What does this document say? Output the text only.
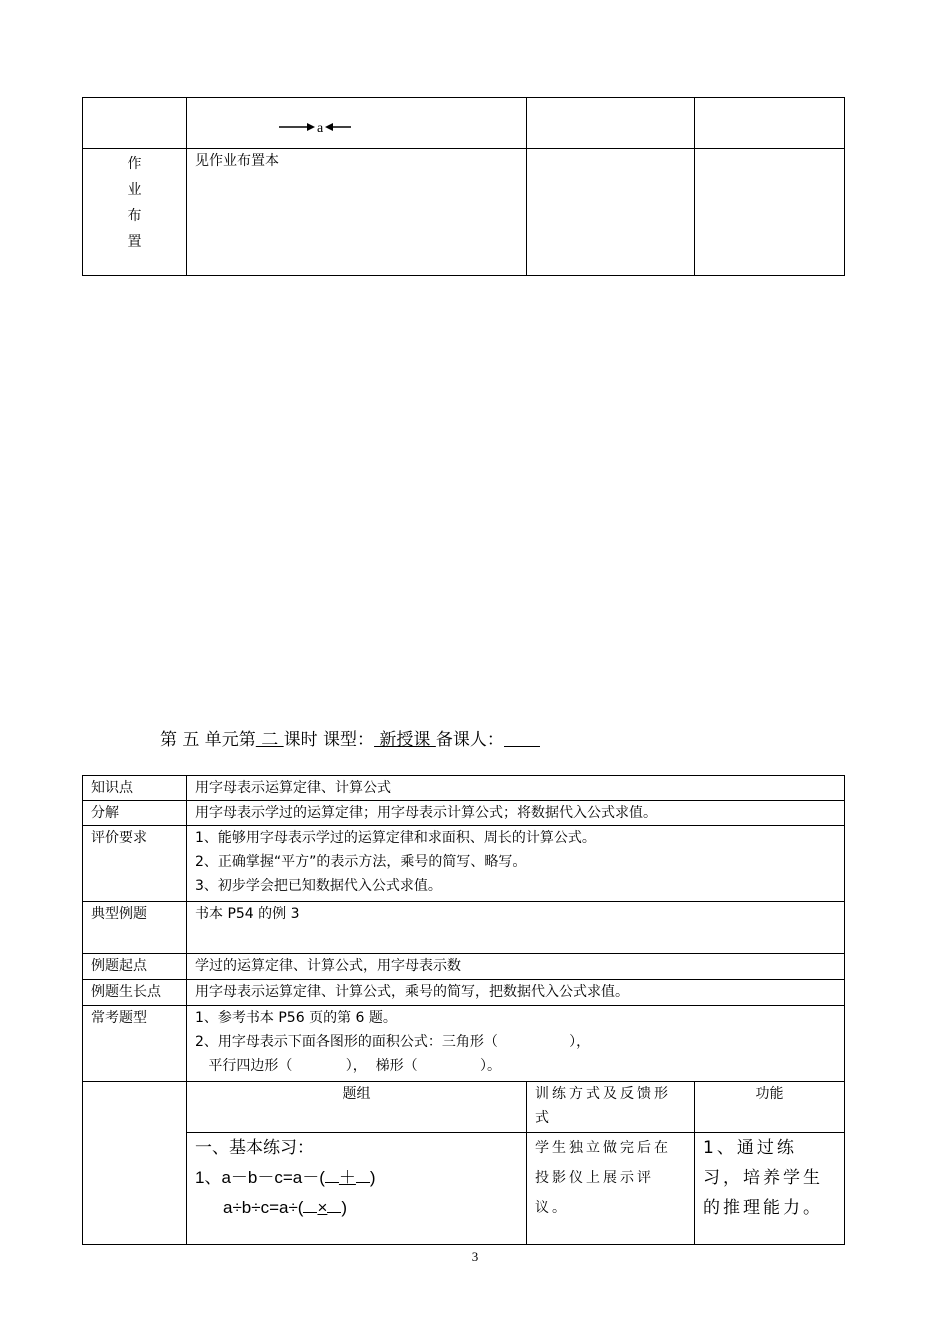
	a		

作
业
布
置	见作业布置本		
第 五 单元第 二 课时 课型： 新授课 备课人：
知识点	用字母表示运算定律、计算公式		
分解	用字母表示学过的运算定律；用字母表示计算公式；将数据代入公式求值。		
评价要求	1、能够用字母表示学过的运算定律和求面积、周长的计算公式。
2、正确掌握“平方”的表示方法，乘号的简写、略写。
3、初步学会把已知数据代入公式求值。		

典型例题	书本 P54 的例 3		
例题起点	学过的运算定律、计算公式，用字母表示数		
例题生长点	用字母表示运算定律、计算公式，乘号的简写，把数据代入公式求值。		
常考题型	1、参考书本 P56 页的第 6 题。
2、用字母表示下面各图形的面积公式：三角形（                ），
平行四边形（            ），  梯形（              ）。		

	题组	训练方式及反馈形式	功能

	一、基本练习：
1、a－b－c=a－( ＋ )
a÷b÷c=a÷( × )	学生独立做完后在投影仪上展示评议。	1、通过练习，培养学生的推理能力。
3
